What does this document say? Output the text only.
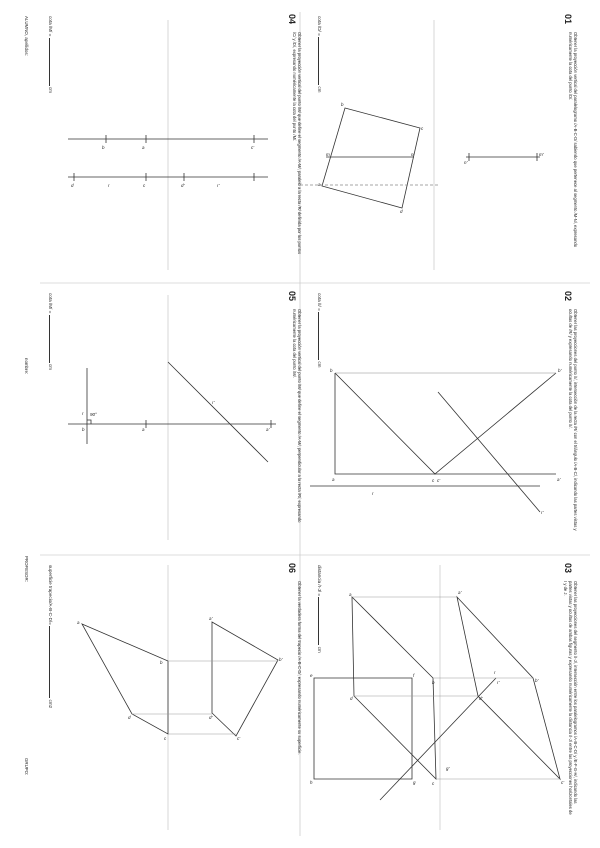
b
c
m	n
a
d
m'
n'
b
a	c c'
r
r'
b'
a'
a'
b'
c'
a
b
c
e	f
g
h
d	d'
r
r'
g'
b	a	c'
d	r	c	d'	r'
r
a
b
r'
a'
90°
a
b
d
c
a'
b'
d'
c'
01
Obtener la proyección vertical del paralelogramo /A-B-C-D/ sabiendo que pertenece al segmento /M-N/, expresando numéricamente la cota del punto /D/.
02
Obtener las proyecciones del punto /I/, intersección de la recta /R/ con el triángulo /A-B-C/, indicando las partes vistas y ocultas de /R/ y expresando numéricamente la cota del punto /I/.
03
Obtener las proyecciones del segmento /I-J/, intersección entre los paralelogramos /A-B-C-D/ y /E-F-G-H/, indicando las partes vistas y ocultas de ambas figuras y expresando numéricamente la distancia /I-J/ entre las proyecciones horizontales de I y de J.
04
Obtener la proyección vertical del punto /M/ que define el segmento /A-M/, paralelo a la recta /R/ definida por los puntos /C/ y /D/, expresando numéricamente la cota del punto /M/.
05
Obtener la proyección vertical del punto /M/ que define el segmento /A-M/, perpendicular a la recta /R/, expresando numéricamente la cota del punto /M/.
06
Obtener la verdadera forma del trapecio /A-B-C-D/, expresando numéricamente su superficie.
cota /D/ =  cm
cota /I/ =  cm
distancia /I-J/ =  cm
cota /M/ =  cm
cota /M/ =  cm
superficie trapecio/A-B-C-D/=  cm2
ALUMNO, apellidos:
nombre:
PROFESOR:
GRUPO:
